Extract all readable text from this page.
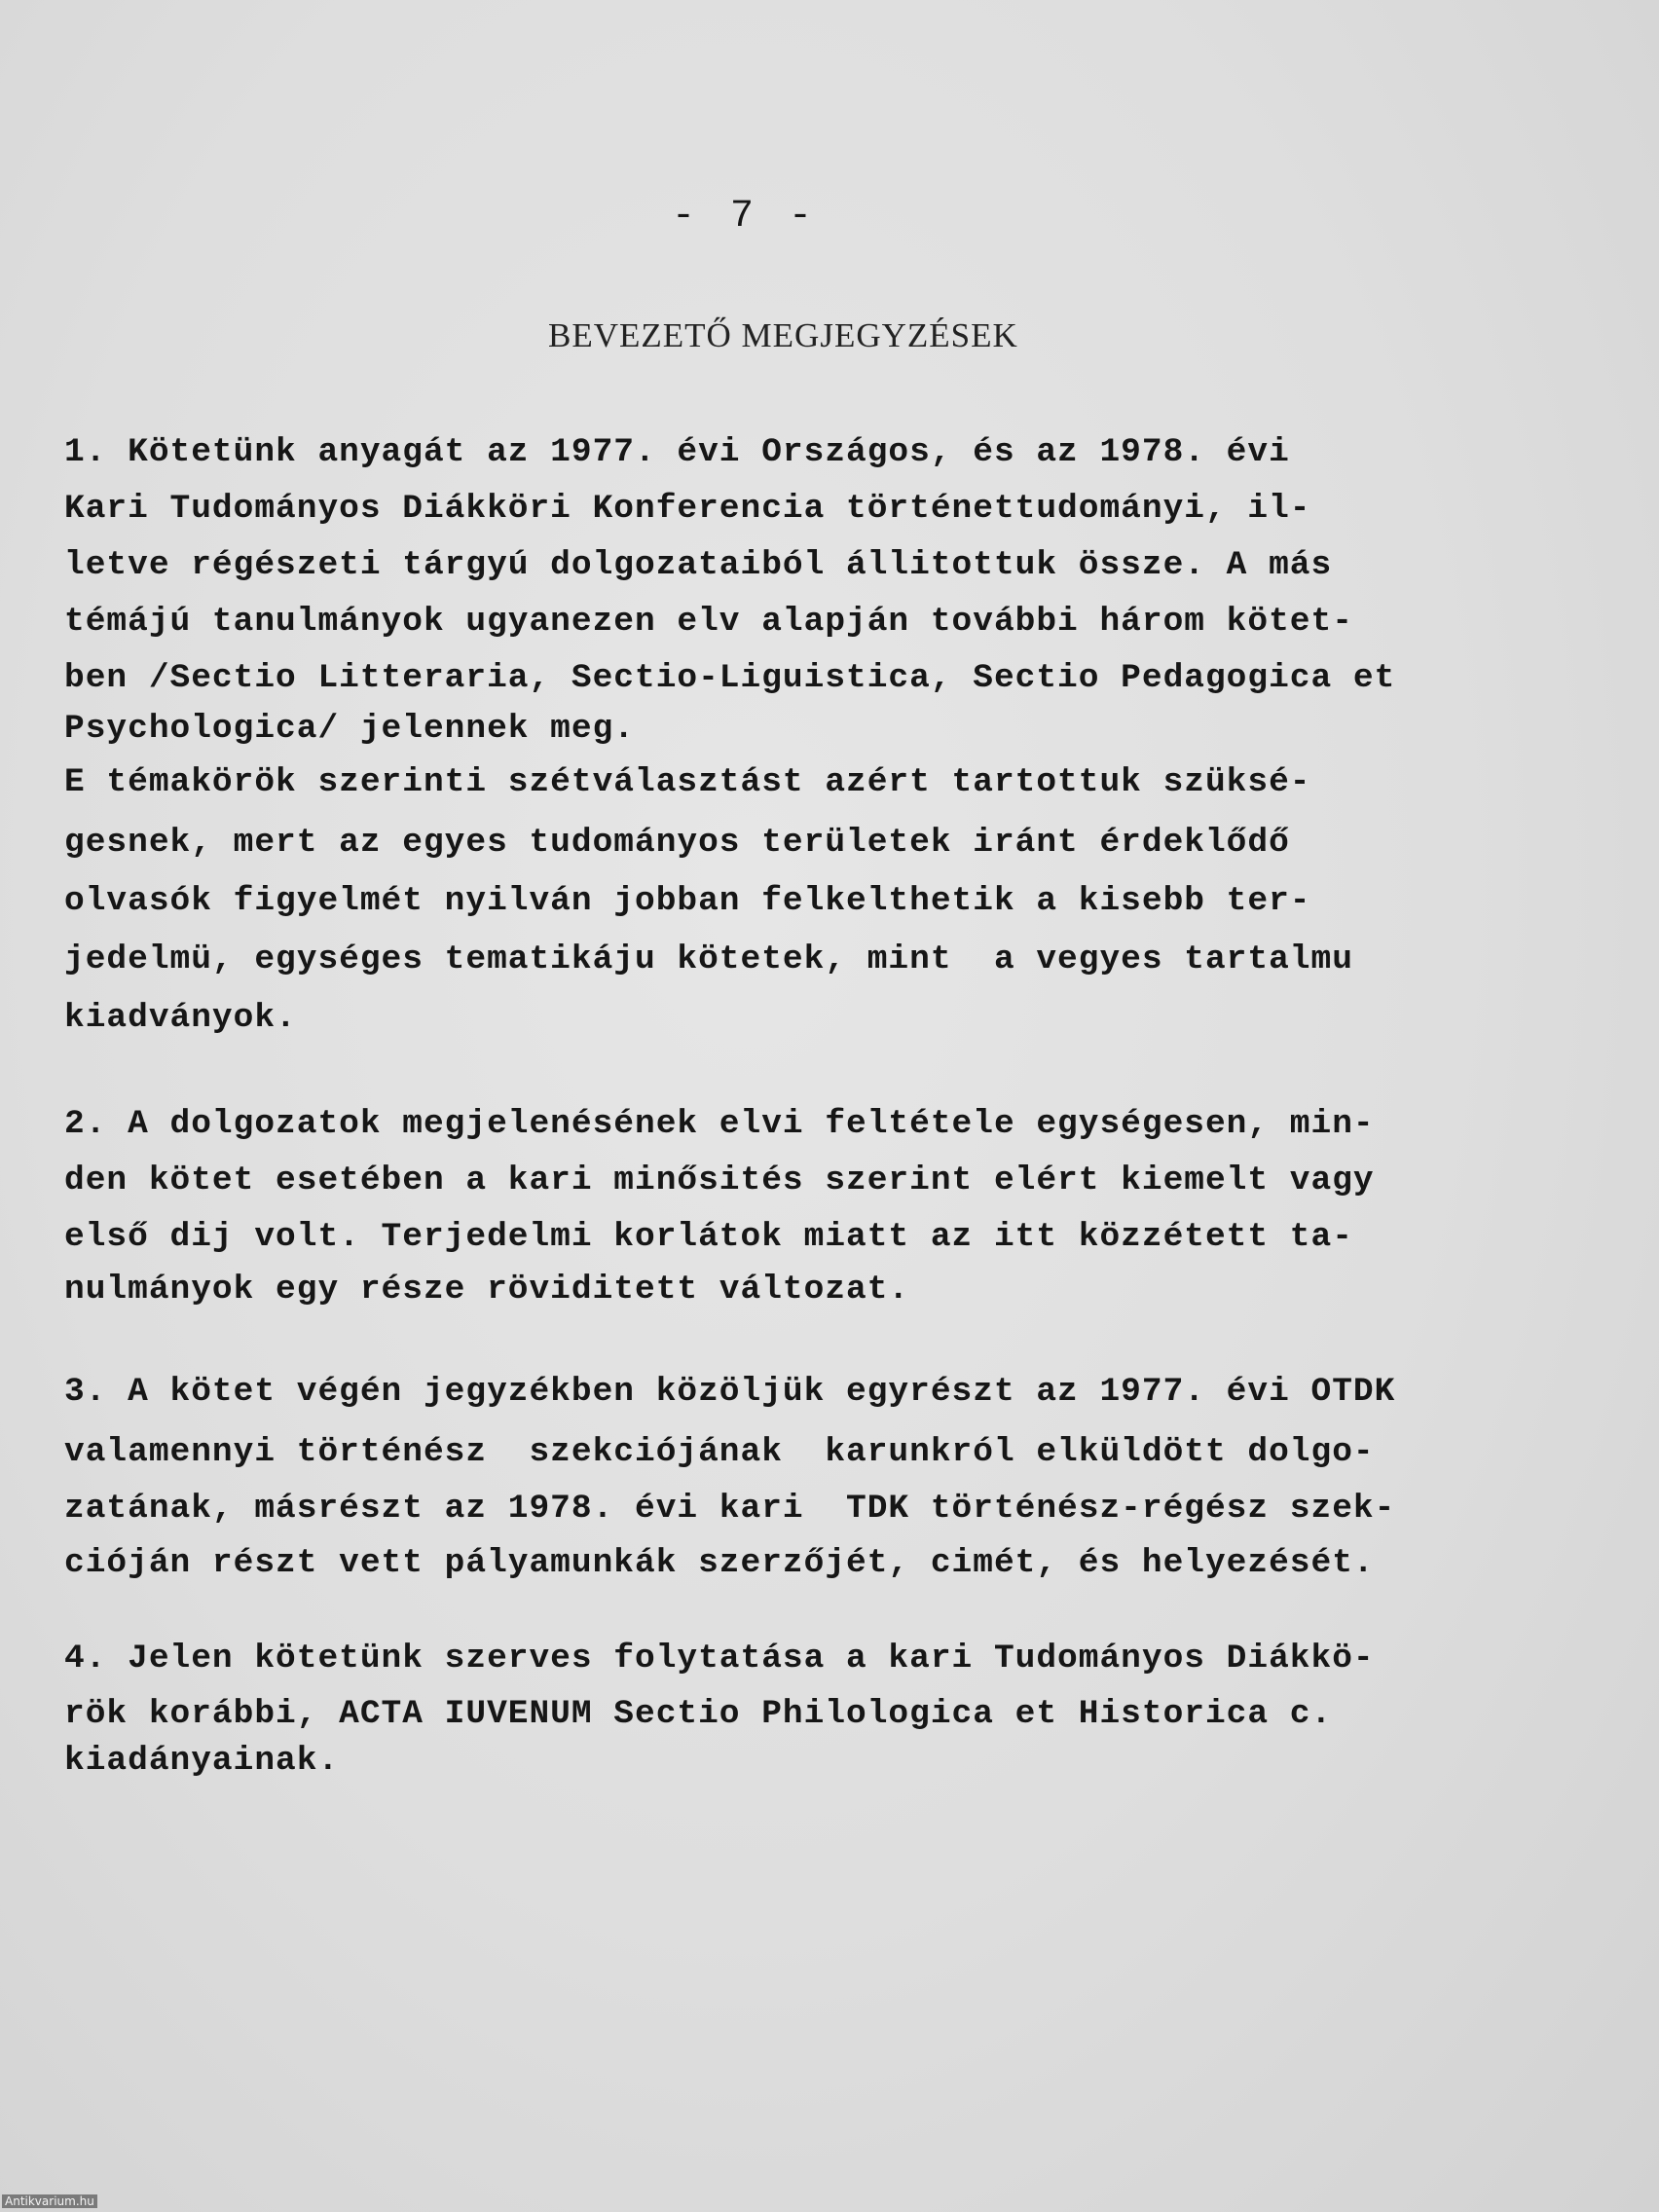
- 7 -
BEVEZETŐ MEGJEGYZÉSEK
1. Kötetünk anyagát az 1977. évi Országos, és az 1978. évi
Kari Tudományos Diákköri Konferencia történettudományi, il-
letve régészeti tárgyú dolgozataiból állitottuk össze. A más
témájú tanulmányok ugyanezen elv alapján további három kötet-
ben /Sectio Litteraria, Sectio-Liguistica, Sectio Pedagogica et
Psychologica/ jelennek meg.
E témakörök szerinti szétválasztást azért tartottuk szüksé-
gesnek, mert az egyes tudományos területek iránt érdeklődő
olvasók figyelmét nyilván jobban felkelthetik a kisebb ter-
jedelmü, egységes tematikáju kötetek, mint  a vegyes tartalmu
kiadványok.
2. A dolgozatok megjelenésének elvi feltétele egységesen, min-
den kötet esetében a kari minősités szerint elért kiemelt vagy
első dij volt. Terjedelmi korlátok miatt az itt közzétett ta-
nulmányok egy része röviditett változat.
3. A kötet végén jegyzékben közöljük egyrészt az 1977. évi OTDK
valamennyi történész  szekciójának  karunkról elküldött dolgo-
zatának, másrészt az 1978. évi kari  TDK történész-régész szek-
cióján részt vett pályamunkák szerzőjét, cimét, és helyezését.
4. Jelen kötetünk szerves folytatása a kari Tudományos Diákkö-
rök korábbi, ACTA IUVENUM Sectio Philologica et Historica c.
kiadányainak.
Antikvarium.hu
